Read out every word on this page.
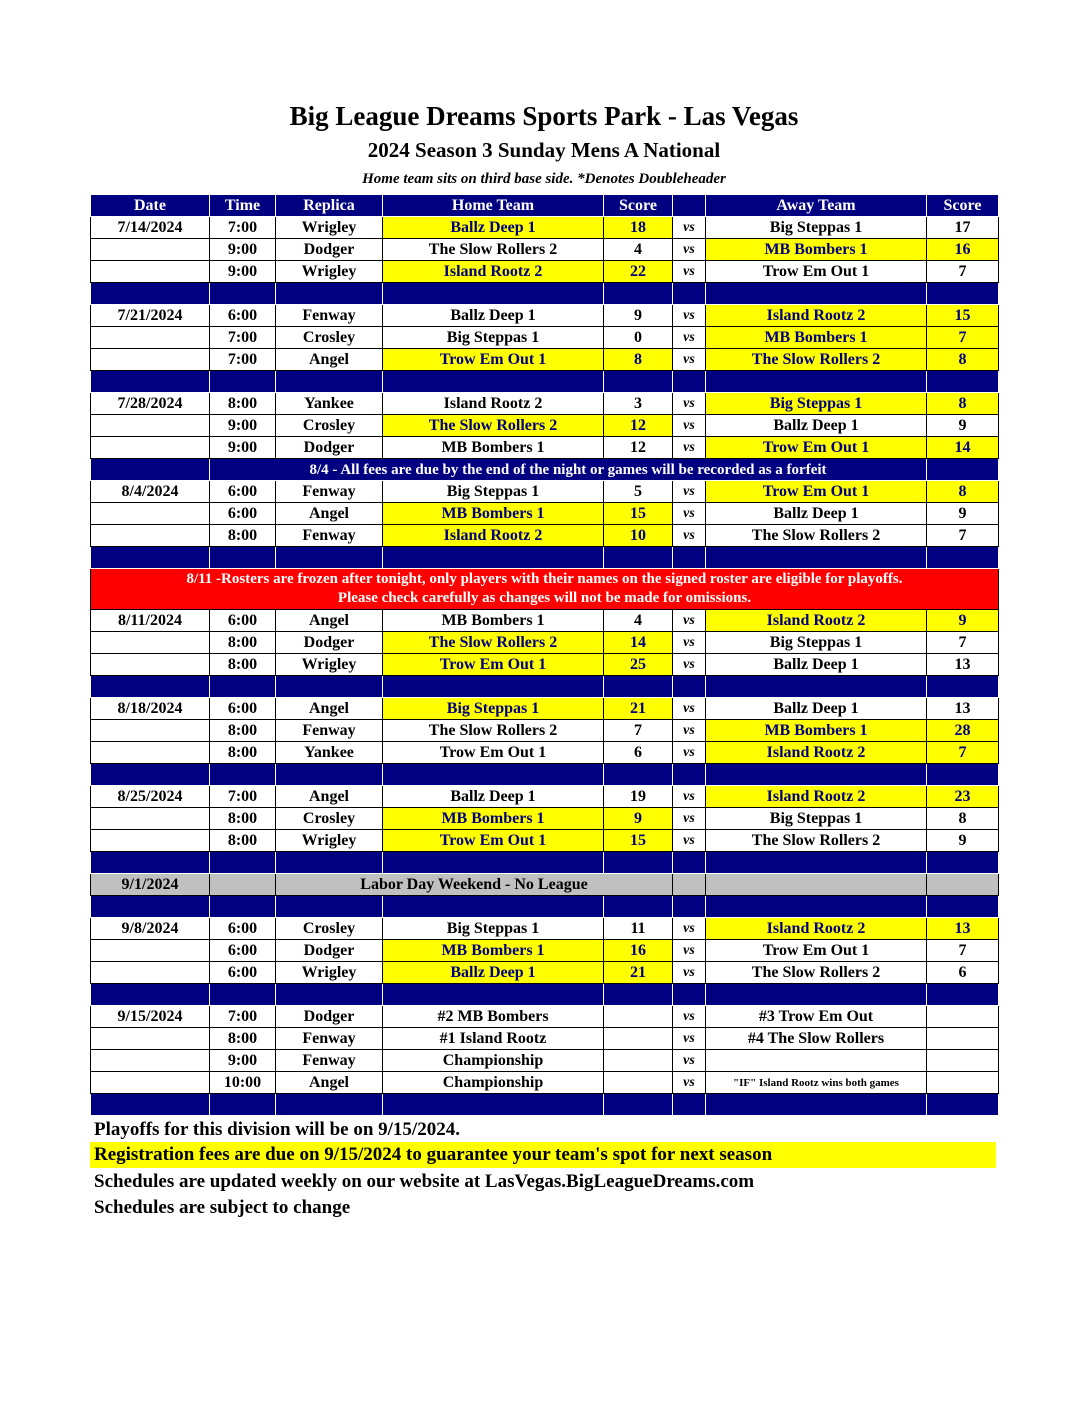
Big League Dreams Sports Park - Las Vegas
2024 Season 3 Sunday Mens A National
Home team sits on third base side. *Denotes Doubleheader
Date	Time	Replica	Home Team	Score		Away Team	Score
7/14/2024	7:00	Wrigley	Ballz Deep 1	18	vs	Big Steppas 1	17
	9:00	Dodger	The Slow Rollers 2	4	vs	MB Bombers 1	16
	9:00	Wrigley	Island Rootz 2	22	vs	Trow Em Out 1	7

7/21/2024	6:00	Fenway	Ballz Deep 1	9	vs	Island Rootz 2	15
	7:00	Crosley	Big Steppas 1	0	vs	MB Bombers 1	7
	7:00	Angel	Trow Em Out 1	8	vs	The Slow Rollers 2	8

7/28/2024	8:00	Yankee	Island Rootz 2	3	vs	Big Steppas 1	8
	9:00	Crosley	The Slow Rollers 2	12	vs	Ballz Deep 1	9
	9:00	Dodger	MB Bombers 1	12	vs	Trow Em Out 1	14
	8/4 - All fees are due by the end of the night or games will be recorded as a forfeit						
8/4/2024	6:00	Fenway	Big Steppas 1	5	vs	Trow Em Out 1	8
	6:00	Angel	MB Bombers 1	15	vs	Ballz Deep 1	9
	8:00	Fenway	Island Rootz 2	10	vs	The Slow Rollers 2	7

8/11 -Rosters are frozen after tonight, only players with their names on the signed roster are eligible for playoffs.
Please check carefully as changes will not be made for omissions.							

8/11/2024	6:00	Angel	MB Bombers 1	4	vs	Island Rootz 2	9
	8:00	Dodger	The Slow Rollers 2	14	vs	Big Steppas 1	7
	8:00	Wrigley	Trow Em Out 1	25	vs	Ballz Deep 1	13

8/18/2024	6:00	Angel	Big Steppas 1	21	vs	Ballz Deep 1	13
	8:00	Fenway	The Slow Rollers 2	7	vs	MB Bombers 1	28
	8:00	Yankee	Trow Em Out 1	6	vs	Island Rootz 2	7

8/25/2024	7:00	Angel	Ballz Deep 1	19	vs	Island Rootz 2	23
	8:00	Crosley	MB Bombers 1	9	vs	Big Steppas 1	8
	8:00	Wrigley	Trow Em Out 1	15	vs	The Slow Rollers 2	9

9/1/2024		Labor Day Weekend - No League					

9/8/2024	6:00	Crosley	Big Steppas 1	11	vs	Island Rootz 2	13
	6:00	Dodger	MB Bombers 1	16	vs	Trow Em Out 1	7
	6:00	Wrigley	Ballz Deep 1	21	vs	The Slow Rollers 2	6

9/15/2024	7:00	Dodger	#2 MB Bombers		vs	#3 Trow Em Out	
	8:00	Fenway	#1 Island Rootz		vs	#4 The Slow Rollers	
	9:00	Fenway	Championship		vs		
	10:00	Angel	Championship		vs	"IF" Island Rootz wins both games	

Playoffs for this division will be on 9/15/2024.
Registration fees are due on 9/15/2024 to guarantee your team's spot for next season
Schedules are updated weekly on our website at LasVegas.BigLeagueDreams.com
Schedules are subject to change
